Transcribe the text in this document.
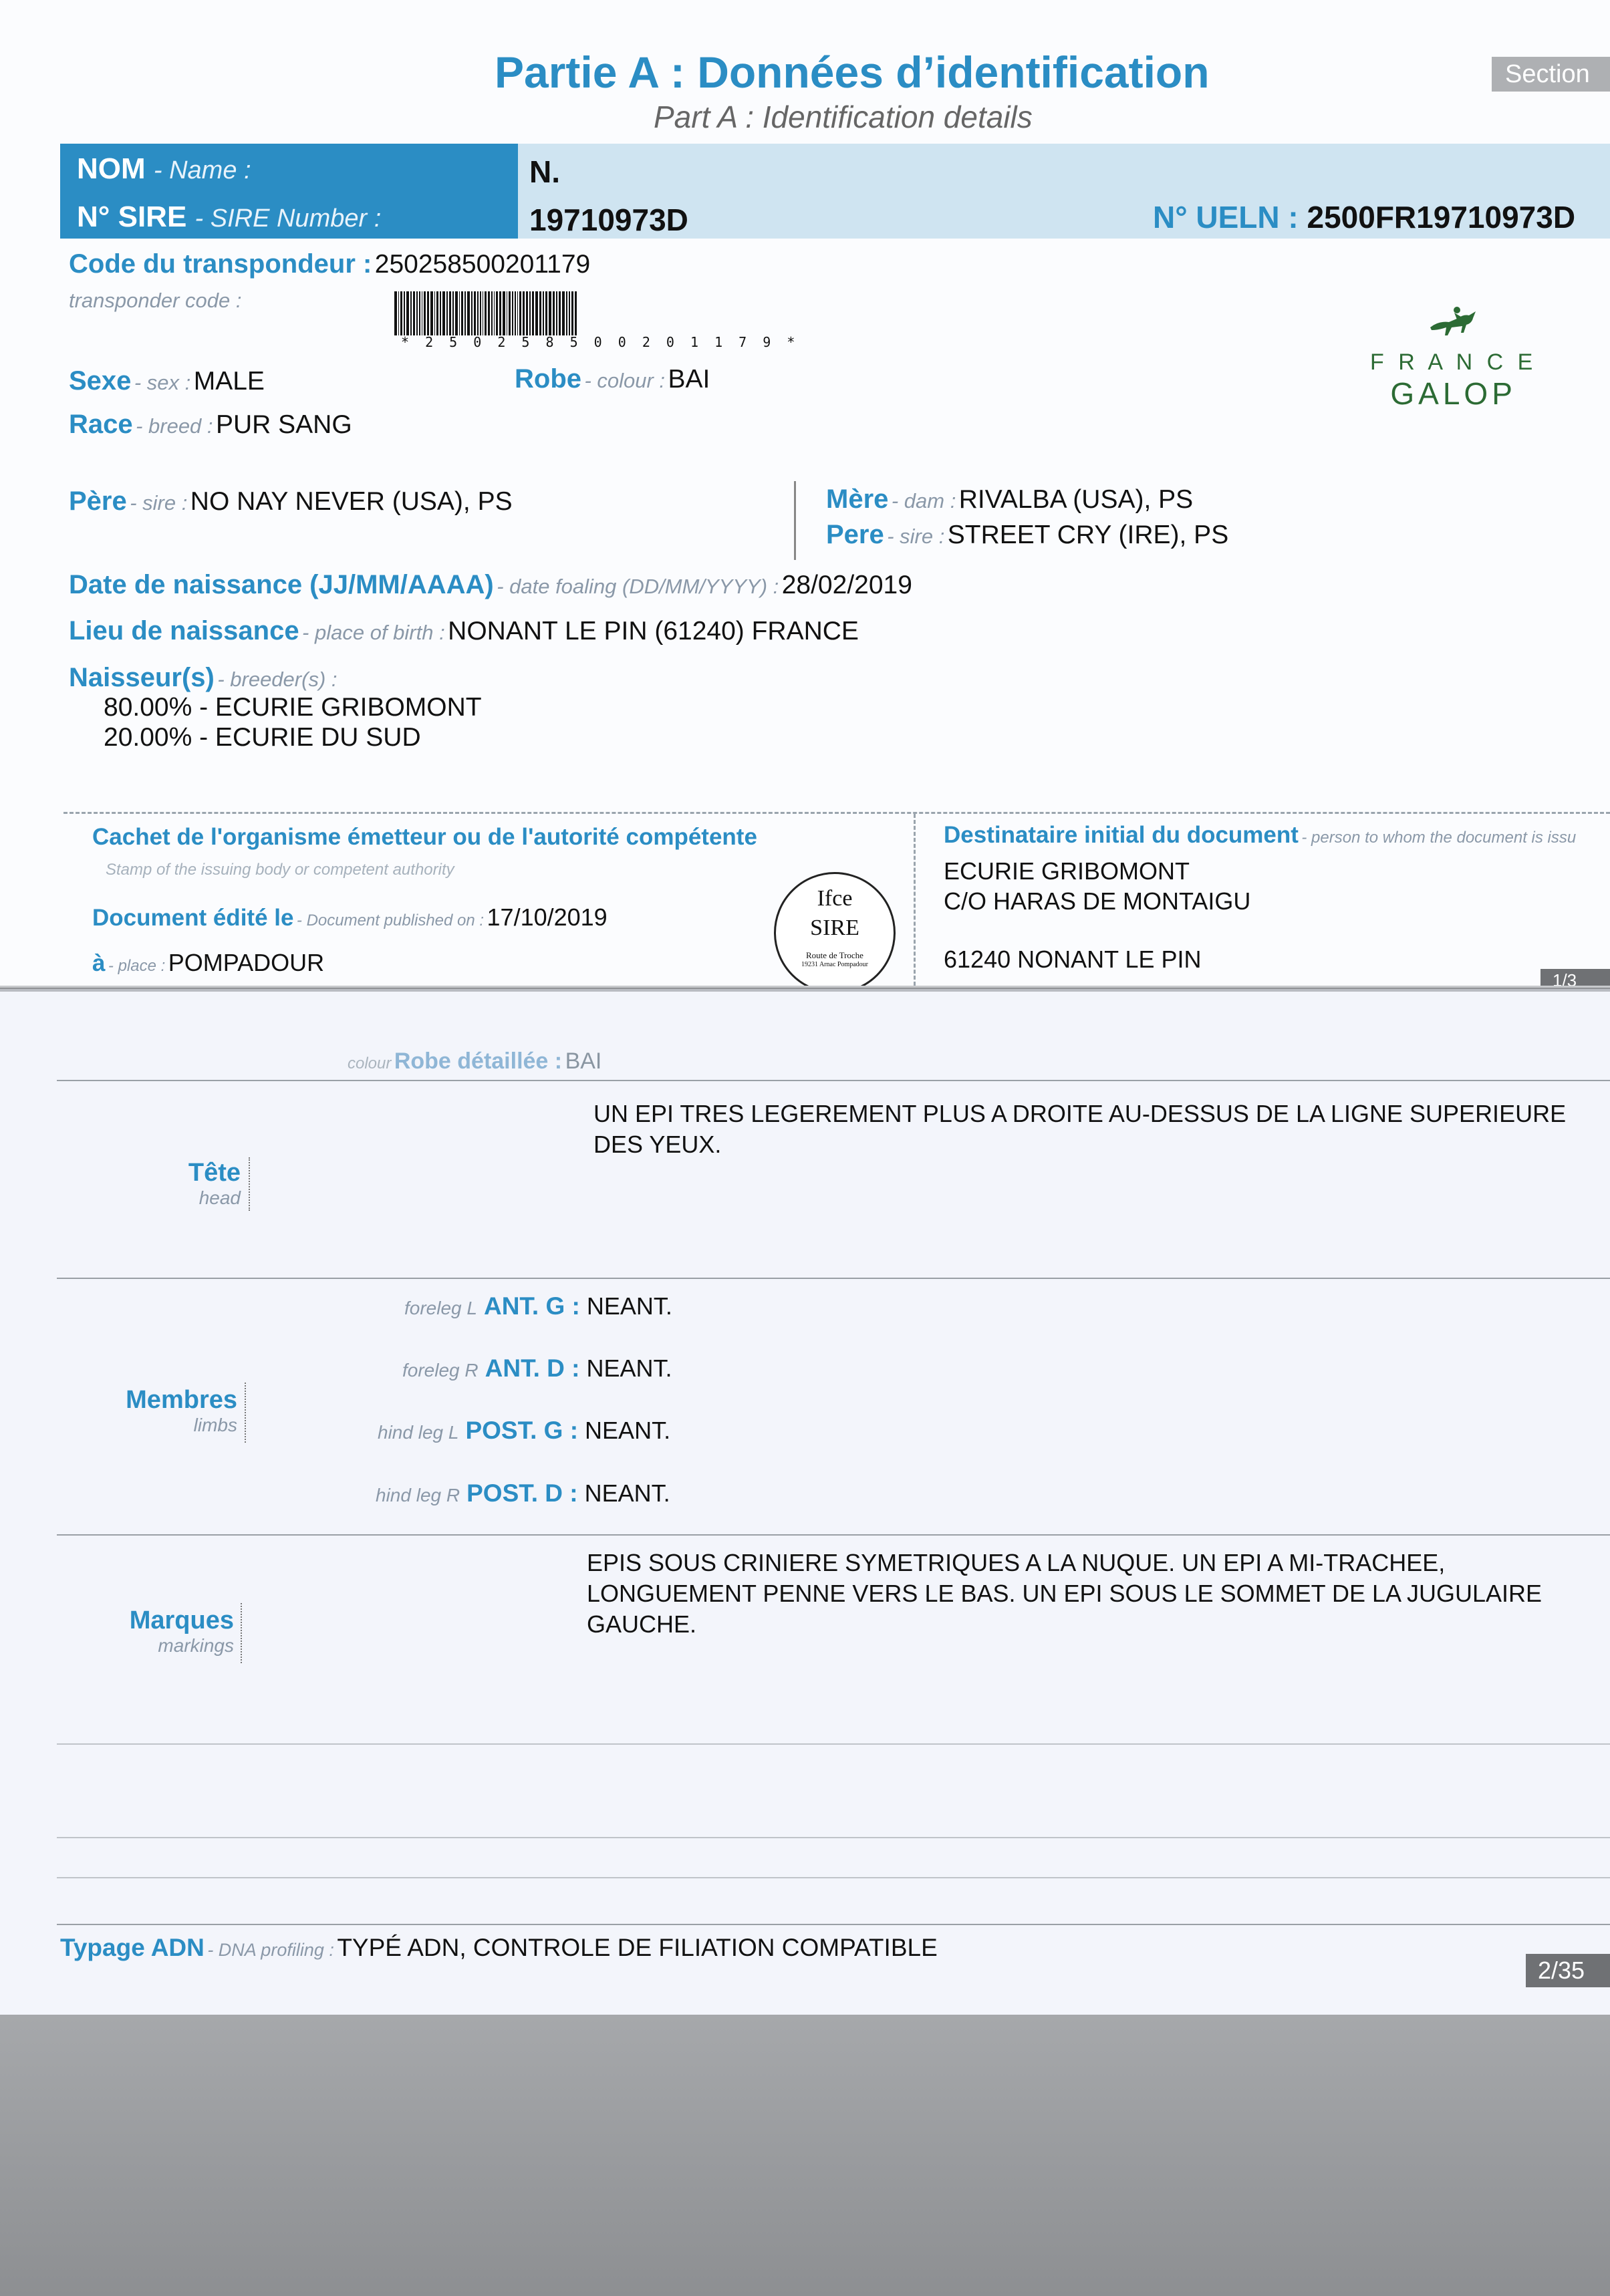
Partie A : Données d’identification
Part A : Identification details
Section
NOM - Name :
N° SIRE - SIRE Number :
N.
19710973D	N° UELN : 2500FR19710973D
Code du transpondeur : 250258500201179
transponder code :
* 2 5 0 2 5 8 5 0 0 2 0 1 1 7 9 *
Sexe - sex : MALE	Robe - colour : BAI
Race - breed : PUR SANG
F R A N C E
GALOP
Père - sire : NO NAY NEVER (USA), PS	Mère - dam : RIVALBA (USA), PS
Pere - sire : STREET CRY (IRE), PS
Date de naissance (JJ/MM/AAAA) - date foaling (DD/MM/YYYY) : 28/02/2019
Lieu de naissance - place of birth : NONANT LE PIN (61240) FRANCE
Naisseur(s) - breeder(s) :
80.00% - ECURIE GRIBOMONT
20.00% - ECURIE DU SUD
Cachet de l'organisme émetteur ou de l'autorité compétente
Stamp of the issuing body or competent authority
Ifce
SIRE
Route de Troche
19231 Arnac Pompadour
Document édité le - Document published on : 17/10/2019
à - place : POMPADOUR
Destinataire initial du document - person to whom the document is issu
ECURIE GRIBOMONT
C/O HARAS DE MONTAIGU
61240 NONANT LE PIN
1/3
colour Robe détaillée : BAI
UN EPI TRES LEGEREMENT PLUS A DROITE AU-DESSUS DE LA LIGNE SUPERIEURE
DES YEUX.
Tête
head
foreleg L ANT. G : NEANT.
foreleg R ANT. D : NEANT.
hind leg L POST. G : NEANT.
hind leg R POST. D : NEANT.
Membres
limbs
EPIS SOUS CRINIERE SYMETRIQUES A LA NUQUE. UN EPI A MI-TRACHEE,
LONGUEMENT PENNE VERS LE BAS. UN EPI SOUS LE SOMMET DE LA JUGULAIRE
GAUCHE.
Marques
markings
Typage ADN - DNA profiling : TYPÉ ADN, CONTROLE DE FILIATION COMPATIBLE
2/35
